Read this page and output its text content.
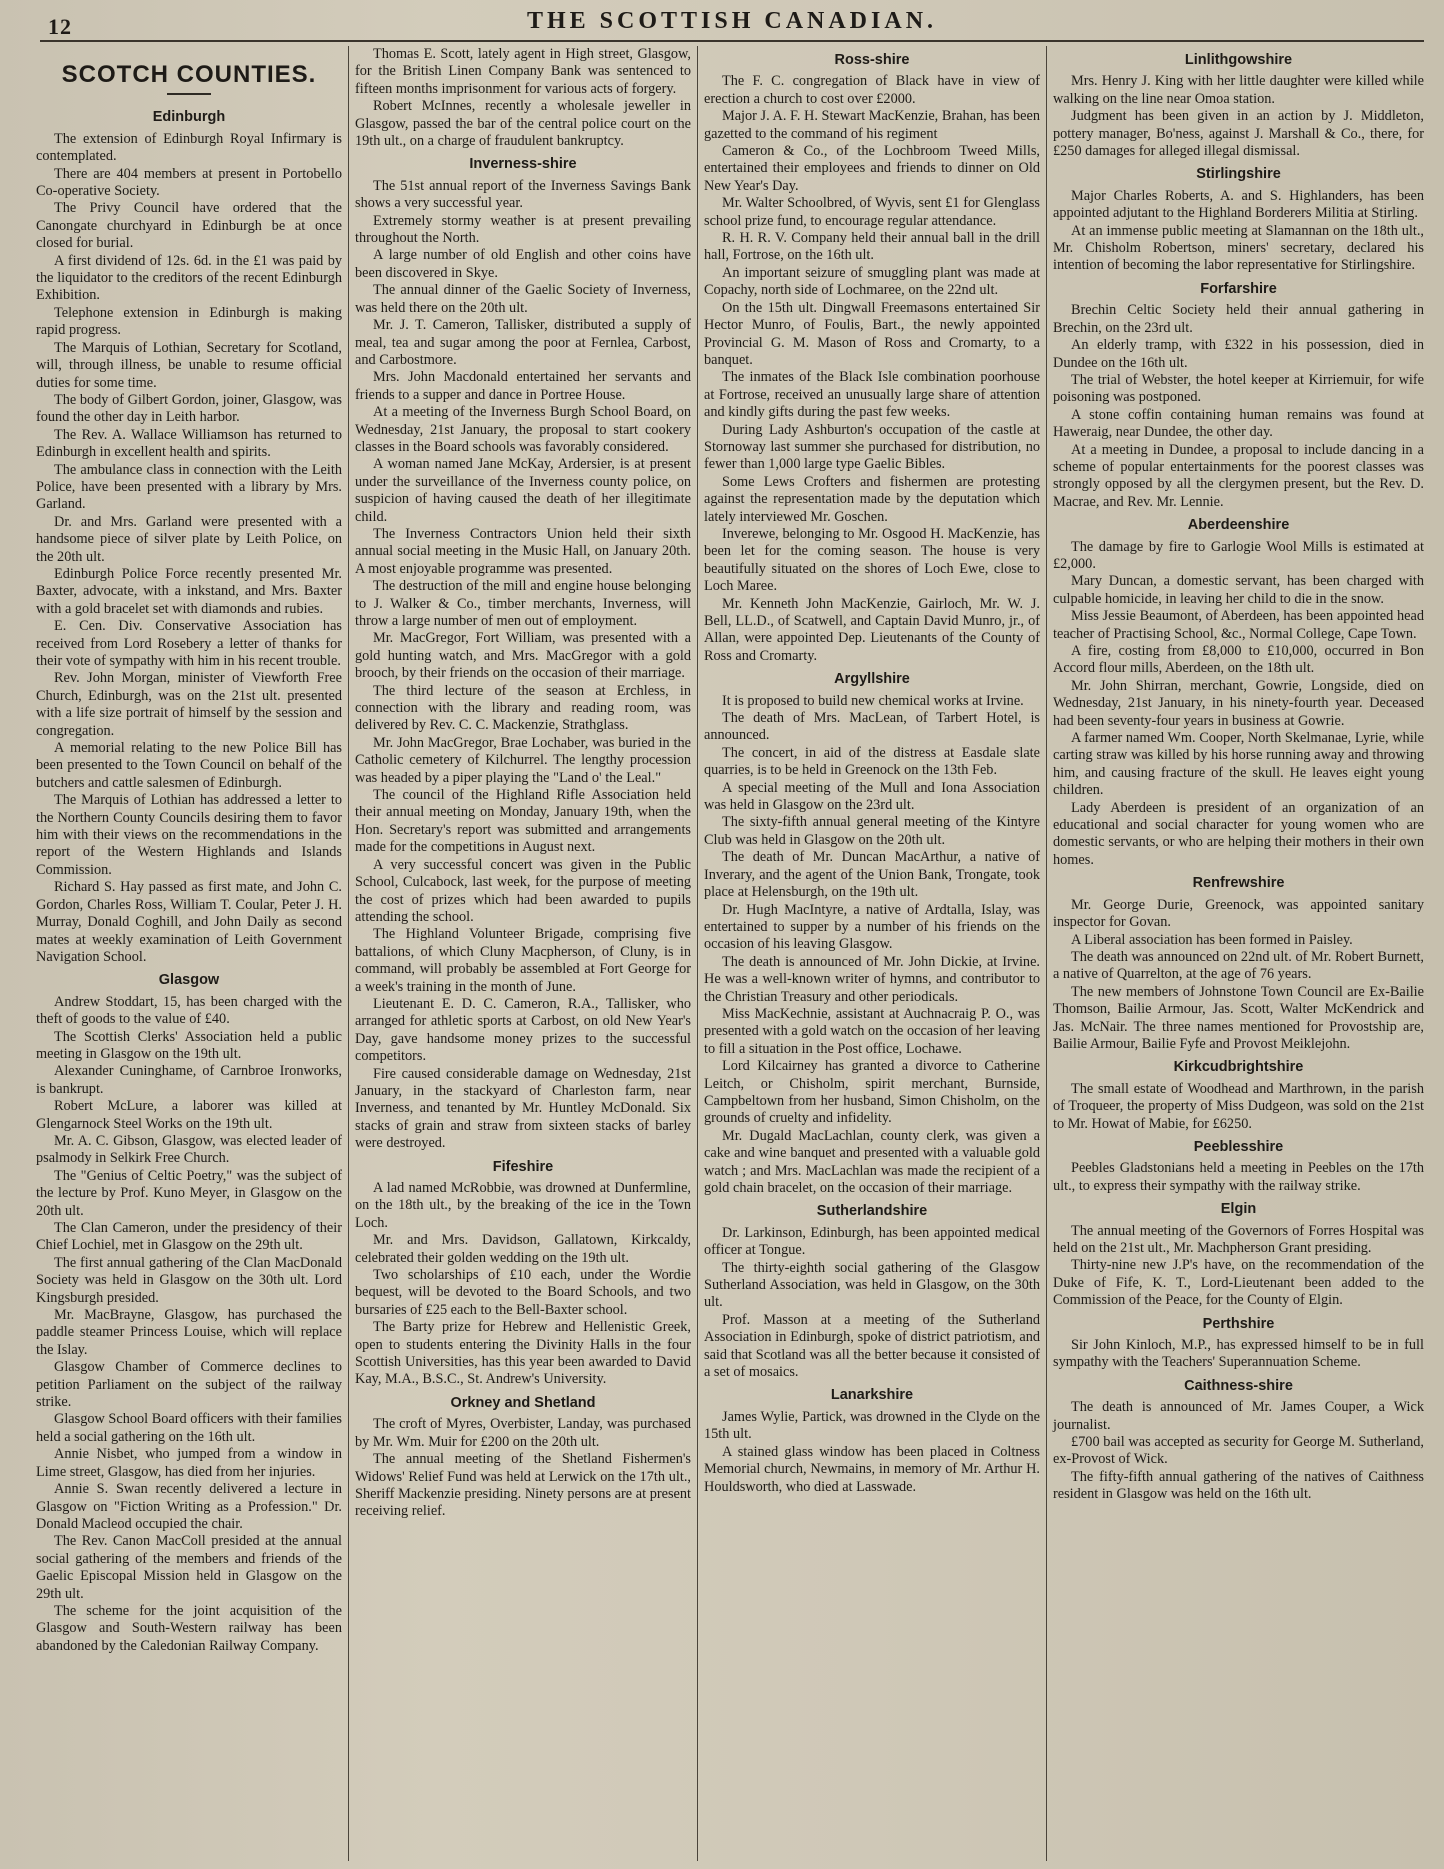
12	THE SCOTTISH CANADIAN.
SCOTCH COUNTIES.
Edinburgh

The extension of Edinburgh Royal Infirmary is contemplated.

There are 404 members at present in Portobello Co-operative Society.

The Privy Council have ordered that the Canongate churchyard in Edinburgh be at once closed for burial.

A first dividend of 12s. 6d. in the £1 was paid by the liquidator to the creditors of the recent Edinburgh Exhibition.

Telephone extension in Edinburgh is making rapid progress.

The Marquis of Lothian, Secretary for Scotland, will, through illness, be unable to resume official duties for some time.

The body of Gilbert Gordon, joiner, Glasgow, was found the other day in Leith harbor.

The Rev. A. Wallace Williamson has returned to Edinburgh in excellent health and spirits.

The ambulance class in connection with the Leith Police, have been presented with a library by Mrs. Garland.

Dr. and Mrs. Garland were presented with a handsome piece of silver plate by Leith Police, on the 20th ult.

Edinburgh Police Force recently presented Mr. Baxter, advocate, with a inkstand, and Mrs. Baxter with a gold bracelet set with diamonds and rubies.

E. Cen. Div. Conservative Association has received from Lord Rosebery a letter of thanks for their vote of sympathy with him in his recent trouble.

Rev. John Morgan, minister of Viewforth Free Church, Edinburgh, was on the 21st ult. presented with a life size portrait of himself by the session and congregation.

A memorial relating to the new Police Bill has been presented to the Town Council on behalf of the butchers and cattle salesmen of Edinburgh.

The Marquis of Lothian has addressed a letter to the Northern County Councils desiring them to favor him with their views on the recommendations in the report of the Western Highlands and Islands Commission.

Richard S. Hay passed as first mate, and John C. Gordon, Charles Ross, William T. Coular, Peter J. H. Murray, Donald Coghill, and John Daily as second mates at weekly examination of Leith Government Navigation School.

Glasgow

Andrew Stoddart, 15, has been charged with the theft of goods to the value of £40.

The Scottish Clerks' Association held a public meeting in Glasgow on the 19th ult.

Alexander Cuninghame, of Carnbroe Ironworks, is bankrupt.

Robert McLure, a laborer was killed at Glengarnock Steel Works on the 19th ult.

Mr. A. C. Gibson, Glasgow, was elected leader of psalmody in Selkirk Free Church.

The "Genius of Celtic Poetry," was the subject of the lecture by Prof. Kuno Meyer, in Glasgow on the 20th ult.

The Clan Cameron, under the presidency of their Chief Lochiel, met in Glasgow on the 29th ult.

The first annual gathering of the Clan MacDonald Society was held in Glasgow on the 30th ult. Lord Kingsburgh presided.

Mr. MacBrayne, Glasgow, has purchased the paddle steamer Princess Louise, which will replace the Islay.

Glasgow Chamber of Commerce declines to petition Parliament on the subject of the railway strike.

Glasgow School Board officers with their families held a social gathering on the 16th ult.

Annie Nisbet, who jumped from a window in Lime street, Glasgow, has died from her injuries.

Annie S. Swan recently delivered a lecture in Glasgow on "Fiction Writing as a Profession." Dr. Donald Macleod occupied the chair.

The Rev. Canon MacColl presided at the annual social gathering of the members and friends of the Gaelic Episcopal Mission held in Glasgow on the 29th ult.

The scheme for the joint acquisition of the Glasgow and South-Western railway has been abandoned by the Caledonian Railway Company.

Thomas E. Scott, lately agent in High street, Glasgow, for the British Linen Company Bank was sentenced to fifteen months imprisonment for various acts of forgery.

Robert McInnes, recently a wholesale jeweller in Glasgow, passed the bar of the central police court on the 19th ult., on a charge of fraudulent bankruptcy.

Inverness-shire

The 51st annual report of the Inverness Savings Bank shows a very successful year.

Extremely stormy weather is at present prevailing throughout the North.

A large number of old English and other coins have been discovered in Skye.

The annual dinner of the Gaelic Society of Inverness, was held there on the 20th ult.

Mr. J. T. Cameron, Tallisker, distributed a supply of meal, tea and sugar among the poor at Fernlea, Carbost, and Carbostmore.

Mrs. John Macdonald entertained her servants and friends to a supper and dance in Portree House.

At a meeting of the Inverness Burgh School Board, on Wednesday, 21st January, the proposal to start cookery classes in the Board schools was favorably considered.

A woman named Jane McKay, Ardersier, is at present under the surveillance of the Inverness county police, on suspicion of having caused the death of her illegitimate child.

The Inverness Contractors Union held their sixth annual social meeting in the Music Hall, on January 20th. A most enjoyable programme was presented.

The destruction of the mill and engine house belonging to J. Walker & Co., timber merchants, Inverness, will throw a large number of men out of employment.

Mr. MacGregor, Fort William, was presented with a gold hunting watch, and Mrs. MacGregor with a gold brooch, by their friends on the occasion of their marriage.

The third lecture of the season at Erchless, in connection with the library and reading room, was delivered by Rev. C. C. Mackenzie, Strathglass.

Mr. John MacGregor, Brae Lochaber, was buried in the Catholic cemetery of Kilchurrel. The lengthy procession was headed by a piper playing the "Land o' the Leal."

The council of the Highland Rifle Association held their annual meeting on Monday, January 19th, when the Hon. Secretary's report was submitted and arrangements made for the competitions in August next.

A very successful concert was given in the Public School, Culcabock, last week, for the purpose of meeting the cost of prizes which had been awarded to pupils attending the school.

The Highland Volunteer Brigade, comprising five battalions, of which Cluny Macpherson, of Cluny, is in command, will probably be assembled at Fort George for a week's training in the month of June.

Lieutenant E. D. C. Cameron, R.A., Tallisker, who arranged for athletic sports at Carbost, on old New Year's Day, gave handsome money prizes to the successful competitors.

Fire caused considerable damage on Wednesday, 21st January, in the stackyard of Charleston farm, near Inverness, and tenanted by Mr. Huntley McDonald. Six stacks of grain and straw from sixteen stacks of barley were destroyed.

Fifeshire

A lad named McRobbie, was drowned at Dunfermline, on the 18th ult., by the breaking of the ice in the Town Loch.

Mr. and Mrs. Davidson, Gallatown, Kirkcaldy, celebrated their golden wedding on the 19th ult.

Two scholarships of £10 each, under the Wordie bequest, will be devoted to the Board Schools, and two bursaries of £25 each to the Bell-Baxter school.

The Barty prize for Hebrew and Hellenistic Greek, open to students entering the Divinity Halls in the four Scottish Universities, has this year been awarded to David Kay, M.A., B.S.C., St. Andrew's University.

Orkney and Shetland

The croft of Myres, Overbister, Landay, was purchased by Mr. Wm. Muir for £200 on the 20th ult.

The annual meeting of the Shetland Fishermen's Widows' Relief Fund was held at Lerwick on the 17th ult., Sheriff Mackenzie presiding. Ninety persons are at present receiving relief.

Ross-shire

The F. C. congregation of Black have in view of erection a church to cost over £2000.

Major J. A. F. H. Stewart MacKenzie, Brahan, has been gazetted to the command of his regiment

Cameron & Co., of the Lochbroom Tweed Mills, entertained their employees and friends to dinner on Old New Year's Day.

Mr. Walter Schoolbred, of Wyvis, sent £1 for Glenglass school prize fund, to encourage regular attendance.

R. H. R. V. Company held their annual ball in the drill hall, Fortrose, on the 16th ult.

An important seizure of smuggling plant was made at Copachy, north side of Lochmaree, on the 22nd ult.

On the 15th ult. Dingwall Freemasons entertained Sir Hector Munro, of Foulis, Bart., the newly appointed Provincial G. M. Mason of Ross and Cromarty, to a banquet.

The inmates of the Black Isle combination poorhouse at Fortrose, received an unusually large share of attention and kindly gifts during the past few weeks.

During Lady Ashburton's occupation of the castle at Stornoway last summer she purchased for distribution, no fewer than 1,000 large type Gaelic Bibles.

Some Lews Crofters and fishermen are protesting against the representation made by the deputation which lately interviewed Mr. Goschen.

Inverewe, belonging to Mr. Osgood H. MacKenzie, has been let for the coming season. The house is very beautifully situated on the shores of Loch Ewe, close to Loch Maree.

Mr. Kenneth John MacKenzie, Gairloch, Mr. W. J. Bell, LL.D., of Scatwell, and Captain David Munro, jr., of Allan, were appointed Dep. Lieutenants of the County of Ross and Cromarty.

Argyllshire

It is proposed to build new chemical works at Irvine.

The death of Mrs. MacLean, of Tarbert Hotel, is announced.

The concert, in aid of the distress at Easdale slate quarries, is to be held in Greenock on the 13th Feb.

A special meeting of the Mull and Iona Association was held in Glasgow on the 23rd ult.

The sixty-fifth annual general meeting of the Kintyre Club was held in Glasgow on the 20th ult.

The death of Mr. Duncan MacArthur, a native of Inverary, and the agent of the Union Bank, Trongate, took place at Helensburgh, on the 19th ult.

Dr. Hugh MacIntyre, a native of Ardtalla, Islay, was entertained to supper by a number of his friends on the occasion of his leaving Glasgow.

The death is announced of Mr. John Dickie, at Irvine. He was a well-known writer of hymns, and contributor to the Christian Treasury and other periodicals.

Miss MacKechnie, assistant at Auchnacraig P. O., was presented with a gold watch on the occasion of her leaving to fill a situation in the Post office, Lochawe.

Lord Kilcairney has granted a divorce to Catherine Leitch, or Chisholm, spirit merchant, Burnside, Campbeltown from her husband, Simon Chisholm, on the grounds of cruelty and infidelity.

Mr. Dugald MacLachlan, county clerk, was given a cake and wine banquet and presented with a valuable gold watch ; and Mrs. MacLachlan was made the recipient of a gold chain bracelet, on the occasion of their marriage.

Sutherlandshire

Dr. Larkinson, Edinburgh, has been appointed medical officer at Tongue.

The thirty-eighth social gathering of the Glasgow Sutherland Association, was held in Glasgow, on the 30th ult.

Prof. Masson at a meeting of the Sutherland Association in Edinburgh, spoke of district patriotism, and said that Scotland was all the better because it consisted of a set of mosaics.

Lanarkshire

James Wylie, Partick, was drowned in the Clyde on the 15th ult.

A stained glass window has been placed in Coltness Memorial church, Newmains, in memory of Mr. Arthur H. Houldsworth, who died at Lasswade.

Linlithgowshire

Mrs. Henry J. King with her little daughter were killed while walking on the line near Omoa station.

Judgment has been given in an action by J. Middleton, pottery manager, Bo'ness, against J. Marshall & Co., there, for £250 damages for alleged illegal dismissal.

Stirlingshire

Major Charles Roberts, A. and S. Highlanders, has been appointed adjutant to the Highland Borderers Militia at Stirling.

At an immense public meeting at Slamannan on the 18th ult., Mr. Chisholm Robertson, miners' secretary, declared his intention of becoming the labor representative for Stirlingshire.

Forfarshire

Brechin Celtic Society held their annual gathering in Brechin, on the 23rd ult.

An elderly tramp, with £322 in his possession, died in Dundee on the 16th ult.

The trial of Webster, the hotel keeper at Kirriemuir, for wife poisoning was postponed.

A stone coffin containing human remains was found at Haweraig, near Dundee, the other day.

At a meeting in Dundee, a proposal to include dancing in a scheme of popular entertainments for the poorest classes was strongly opposed by all the clergymen present, but the Rev. D. Macrae, and Rev. Mr. Lennie.

Aberdeenshire

The damage by fire to Garlogie Wool Mills is estimated at £2,000.

Mary Duncan, a domestic servant, has been charged with culpable homicide, in leaving her child to die in the snow.

Miss Jessie Beaumont, of Aberdeen, has been appointed head teacher of Practising School, &c., Normal College, Cape Town.

A fire, costing from £8,000 to £10,000, occurred in Bon Accord flour mills, Aberdeen, on the 18th ult.

Mr. John Shirran, merchant, Gowrie, Longside, died on Wednesday, 21st January, in his ninety-fourth year. Deceased had been seventy-four years in business at Gowrie.

A farmer named Wm. Cooper, North Skelmanae, Lyrie, while carting straw was killed by his horse running away and throwing him, and causing fracture of the skull. He leaves eight young children.

Lady Aberdeen is president of an organization of an educational and social character for young women who are domestic servants, or who are helping their mothers in their own homes.

Renfrewshire

Mr. George Durie, Greenock, was appointed sanitary inspector for Govan.

A Liberal association has been formed in Paisley.

The death was announced on 22nd ult. of Mr. Robert Burnett, a native of Quarrelton, at the age of 76 years.

The new members of Johnstone Town Council are Ex-Bailie Thomson, Bailie Armour, Jas. Scott, Walter McKendrick and Jas. McNair. The three names mentioned for Provostship are, Bailie Armour, Bailie Fyfe and Provost Meiklejohn.

Kirkcudbrightshire

The small estate of Woodhead and Marthrown, in the parish of Troqueer, the property of Miss Dudgeon, was sold on the 21st to Mr. Howat of Mabie, for £6250.

Peeblesshire

Peebles Gladstonians held a meeting in Peebles on the 17th ult., to express their sympathy with the railway strike.

Elgin

The annual meeting of the Governors of Forres Hospital was held on the 21st ult., Mr. Machpherson Grant presiding.

Thirty-nine new J.P's have, on the recommendation of the Duke of Fife, K. T., Lord-Lieutenant been added to the Commission of the Peace, for the County of Elgin.

Perthshire

Sir John Kinloch, M.P., has expressed himself to be in full sympathy with the Teachers' Superannuation Scheme.

Caithness-shire

The death is announced of Mr. James Couper, a Wick journalist.

£700 bail was accepted as security for George M. Sutherland, ex-Provost of Wick.

The fifty-fifth annual gathering of the natives of Caithness resident in Glasgow was held on the 16th ult.
